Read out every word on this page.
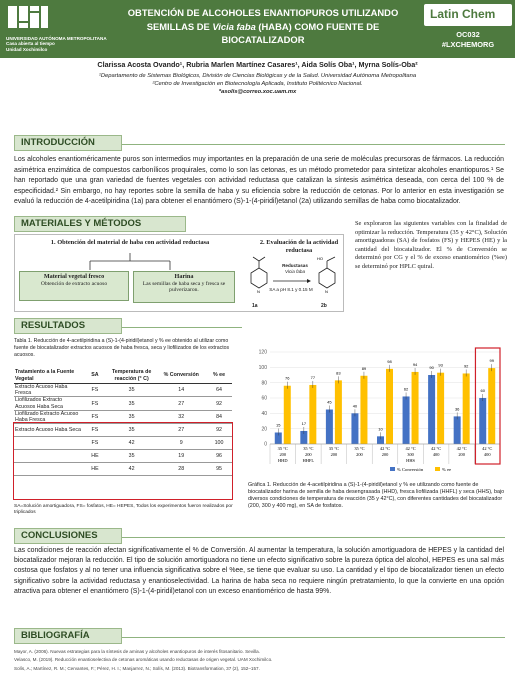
UNIVERSIDAD AUTÓNOMA METROPOLITANA
Casa abierta al tiempo
Unidad Xochimilco
OBTENCIÓN DE ALCOHOLES ENANTIOPUROS UTILIZANDO
SEMILLAS DE Vicia faba (HABA) COMO FUENTE DE
BIOCATALIZADOR
Latin Chem
OC032
#LXCHEMORG
Clarissa Acosta Ovando¹, Rubria Marlen Martínez Casares¹, Aida Solís Oba¹, Myrna Solís-Oba²
¹Departamento de Sistemas Biológicos, División de Ciencias Biológicas y de la Salud. Universidad Autónoma Metropolitana
²Centro de Investigación en Biotecnología Aplicada, Instituto Politécnico Nacional.
*asolis@correo.xoc.uam.mx
INTRODUCCIÓN
Los alcoholes enantioméricamente puros son intermedios muy importantes en la preparación de una serie de moléculas precursoras de fármacos. La reducción asimétrica enzimática de compuestos carbonílicos proquirales, como lo son las cetonas, es un método prometedor para sintetizar alcoholes enantiopuros.¹ Se han reportado que una gran variedad de fuentes vegetales con actividad reductasa que catalizan la síntesis asimétrica deseada, con cerca del 100 % de especificidad.² Sin embargo, no hay reportes sobre la semilla de haba y su eficiencia sobre la reducción de cetonas. Por lo anterior en esta investigación se evaluó la reducción de 4-acetilpiridina (1a) para obtener el enantiómero (S)-1-(4-piridil)etanol (2a) utilizando semillas de haba como biocatalizador.
MATERIALES Y MÉTODOS
1. Obtención del material de haba con actividad reductasa	2. Evaluación de la actividad reductasa
Material vegetal fresco
Obtención de extracto acuoso
Harina
Las semillas de haba seca y fresca se pulverizaron.	N
HO
N
Reductasas
Vicia faba
SA a pH 8.1 y 0.15 M
1a	2b
Se exploraron las siguientes variables con la finalidad de optimizar la reducción. Temperatura (35 y 42°C), Solución amortiguadoras (SA) de fosfatos (FS) y HEPES (HE) y la cantidad del biocatalizador. El % de Conversión se determinó por CG y el % de exceso enantiomérico (%ee) se determinó por HPLC quiral.
RESULTADOS
Tabla 1. Reducción de 4-acetilpiridina a (S)-1-(4-piridil)etanol y % ee obtenido al utilizar como fuente de biocatalizador extractos acuosos de haba fresca, seca y liofilizados de los extractos acuosos.
Tratamiento a la Fuente Vegetal	SA	Temperatura de reacción (° C)	% Conversión	% ee
Extracto Acuoso Haba Fresca	FS	35	14	64
Liofilizados Extracto Acuosos Haba Seca	FS	35	27	92
Liofilizado Extracto Acuoso Haba Fresca	FS	35	32	84
Extracto Acuoso Haba Seca	FS	35	27	92
	FS	42	9	100
	HE	35	19	96
	HE	42	28	95
SA=Solución amortiguadora, FS= fosfatos, HE= HEPES, Todos los experimentos fueron realizados por triplicados
0
20
40
60
80
100
120
15	17
45
40
10
62
90
36
60
76	77
83
89
98
94	93	92
99
35 °C
200
35 °C
200
35 °C
200
35 °C
200
42 °C
200
42 °C
300
42 °C
400
42 °C
200
42 °C
400
HHD	HHFL	HHS
% Conversión	% ee
Gráfica 1. Reducción de 4-acetilpiridina a (S)-1-(4-piridil)etanol y % ee utilizando como fuente de biocatalizador harina de semilla de haba desengrasada (HHD), fresca liofilizada (HHFL) y seca (HHS), bajo diversos condiciones de temperatura de reacción (35 y 42°C), con diferentes cantidades del biocatalizador (200, 300 y 400 mg), en SA de fosfatos.
CONCLUSIONES
Las condiciones de reacción afectan significativamente el % de Conversión. Al aumentar la temperatura, la solución amortiguadora de HEPES y la cantidad del biocatalizador mejoran la reducción. El tipo de solución amortiguadora no tiene un efecto significativo sobre la pureza óptica del alcohol, HEPES es una sal más costosa que fosfatos y al no tener una influencia significativa sobre el %ee, se tiene que evaluar su uso. La cantidad y el tipo de biocatalizador tienen un efecto significativo sobre la actividad reductasa y enantioselectividad. La harina de haba seca no requiere ningún pretratamiento, lo que la convierte en una opción atractiva para obtener el enantiómero (S)-1-(4-piridil)etanol con un exceso enantiomérico de hasta 99%.
BIBLIOGRAFÍA
Mayor, A. (2006). Nuevas estrategias para la síntesis de aminas y alcoholes enantiopuros de interés fitosanitario. Sevilla.
Velasco, M. (2019). Reducción enantioselectiva de cetonas aromáticas usando reductasas de origen vegetal. UAM Xochimilco.
Solís, A.; Martínez, R. M.; Cervantes, F.; Pérez, H. I.; Manjarrez, N.; Solís, M. (2013). Biotransformation, 37 (2), 152–157.
